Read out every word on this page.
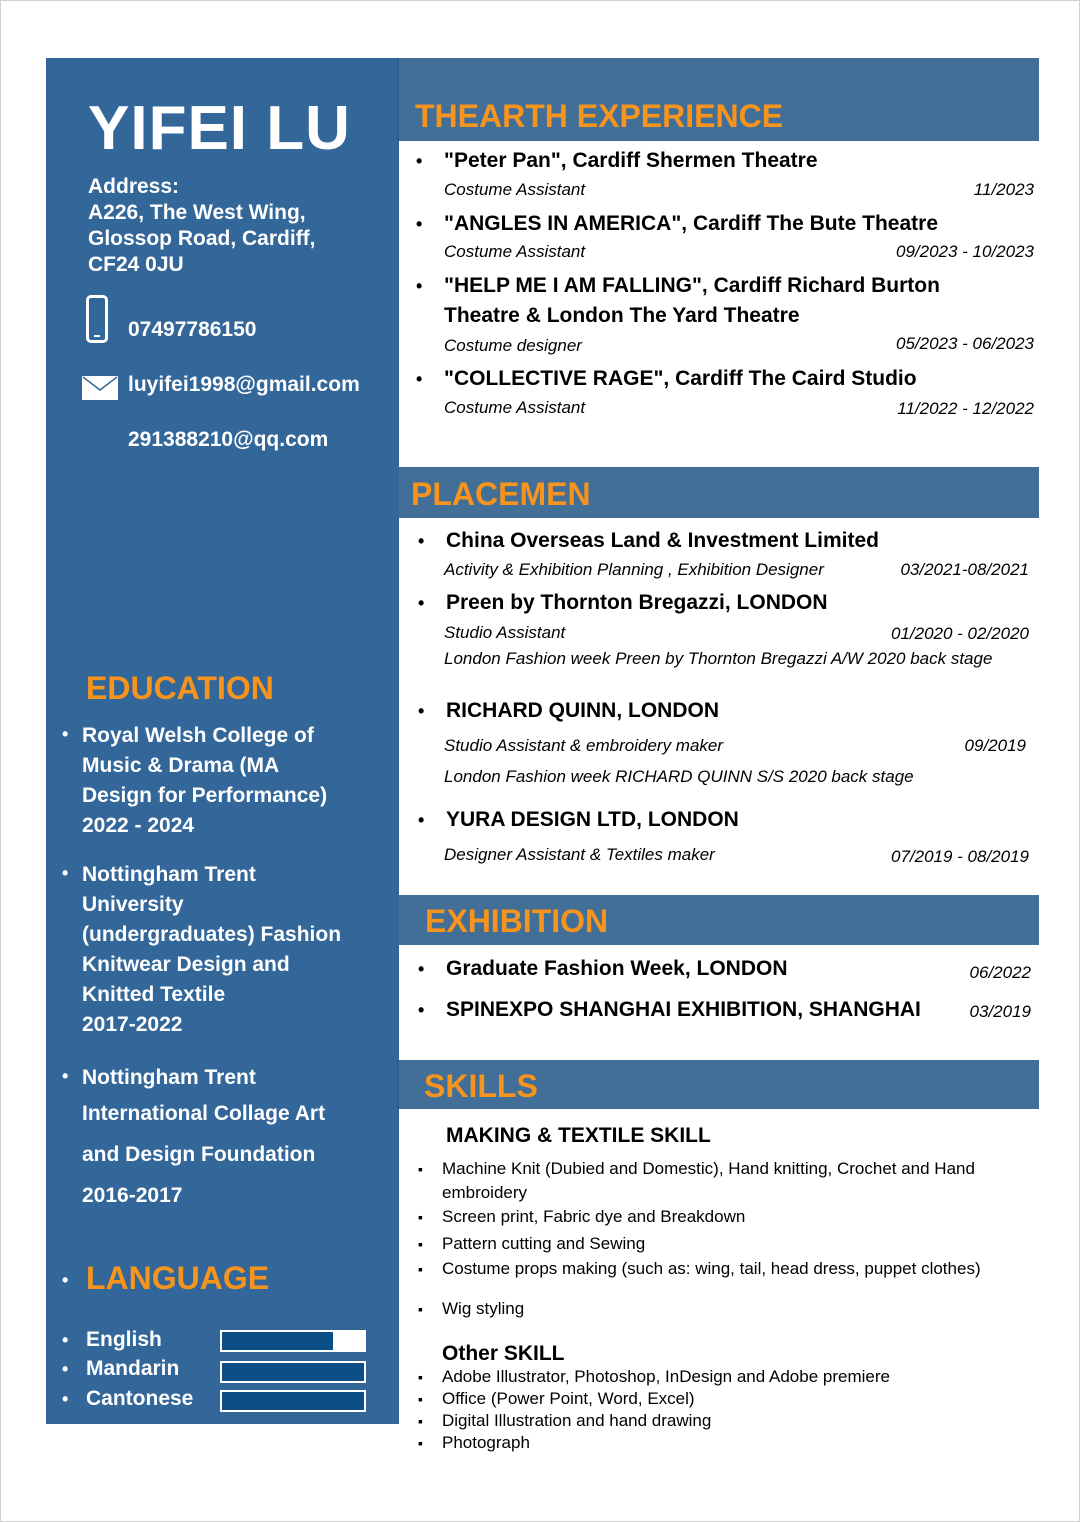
YIFEI LU
Address:
A226, The West Wing,
Glossop Road, Cardiff,
CF24 0JU
07497786150
luyifei1998@gmail.com
291388210@qq.com
EDUCATION
• Royal Welsh College of
Music & Drama (MA
Design for Performance)
2022 - 2024
• Nottingham Trent
University
(undergraduates) Fashion
Knitwear Design and
Knitted Textile
2017-2022
• Nottingham Trent
International Collage Art
and Design Foundation
2016-2017
• LANGUAGE
• English
• Mandarin
• Cantonese
THEARTH EXPERIENCE
• "Peter Pan", Cardiff Shermen Theatre
Costume Assistant	11/2023
• "ANGLES IN AMERICA", Cardiff The Bute Theatre
Costume Assistant	09/2023 - 10/2023
• "HELP ME I AM FALLING", Cardiff Richard Burton
Theatre & London The Yard Theatre
Costume designer	05/2023 - 06/2023
• "COLLECTIVE RAGE", Cardiff The Caird Studio
Costume Assistant	11/2022 - 12/2022
PLACEMEN
• China Overseas Land & Investment Limited
Activity & Exhibition Planning , Exhibition Designer	03/2021-08/2021
• Preen by Thornton Bregazzi, LONDON
Studio Assistant	01/2020 - 02/2020
London Fashion week Preen by Thornton Bregazzi A/W 2020 back stage
• RICHARD QUINN, LONDON
Studio Assistant & embroidery maker	09/2019
London Fashion week RICHARD QUINN S/S 2020 back stage
• YURA DESIGN LTD, LONDON
Designer Assistant & Textiles maker	07/2019 - 08/2019
EXHIBITION
• Graduate Fashion Week, LONDON	06/2022
• SPINEXPO SHANGHAI EXHIBITION, SHANGHAI	03/2019
SKILLS
MAKING & TEXTILE SKILL
▪ Machine Knit (Dubied and Domestic), Hand knitting, Crochet and Hand
embroidery
▪ Screen print, Fabric dye and Breakdown
▪ Pattern cutting and Sewing
▪ Costume props making (such as: wing, tail, head dress, puppet clothes)
▪ Wig styling
Other SKILL
▪ Adobe Illustrator, Photoshop, InDesign and Adobe premiere
▪ Office (Power Point, Word, Excel)
▪ Digital Illustration and hand drawing
▪ Photograph
